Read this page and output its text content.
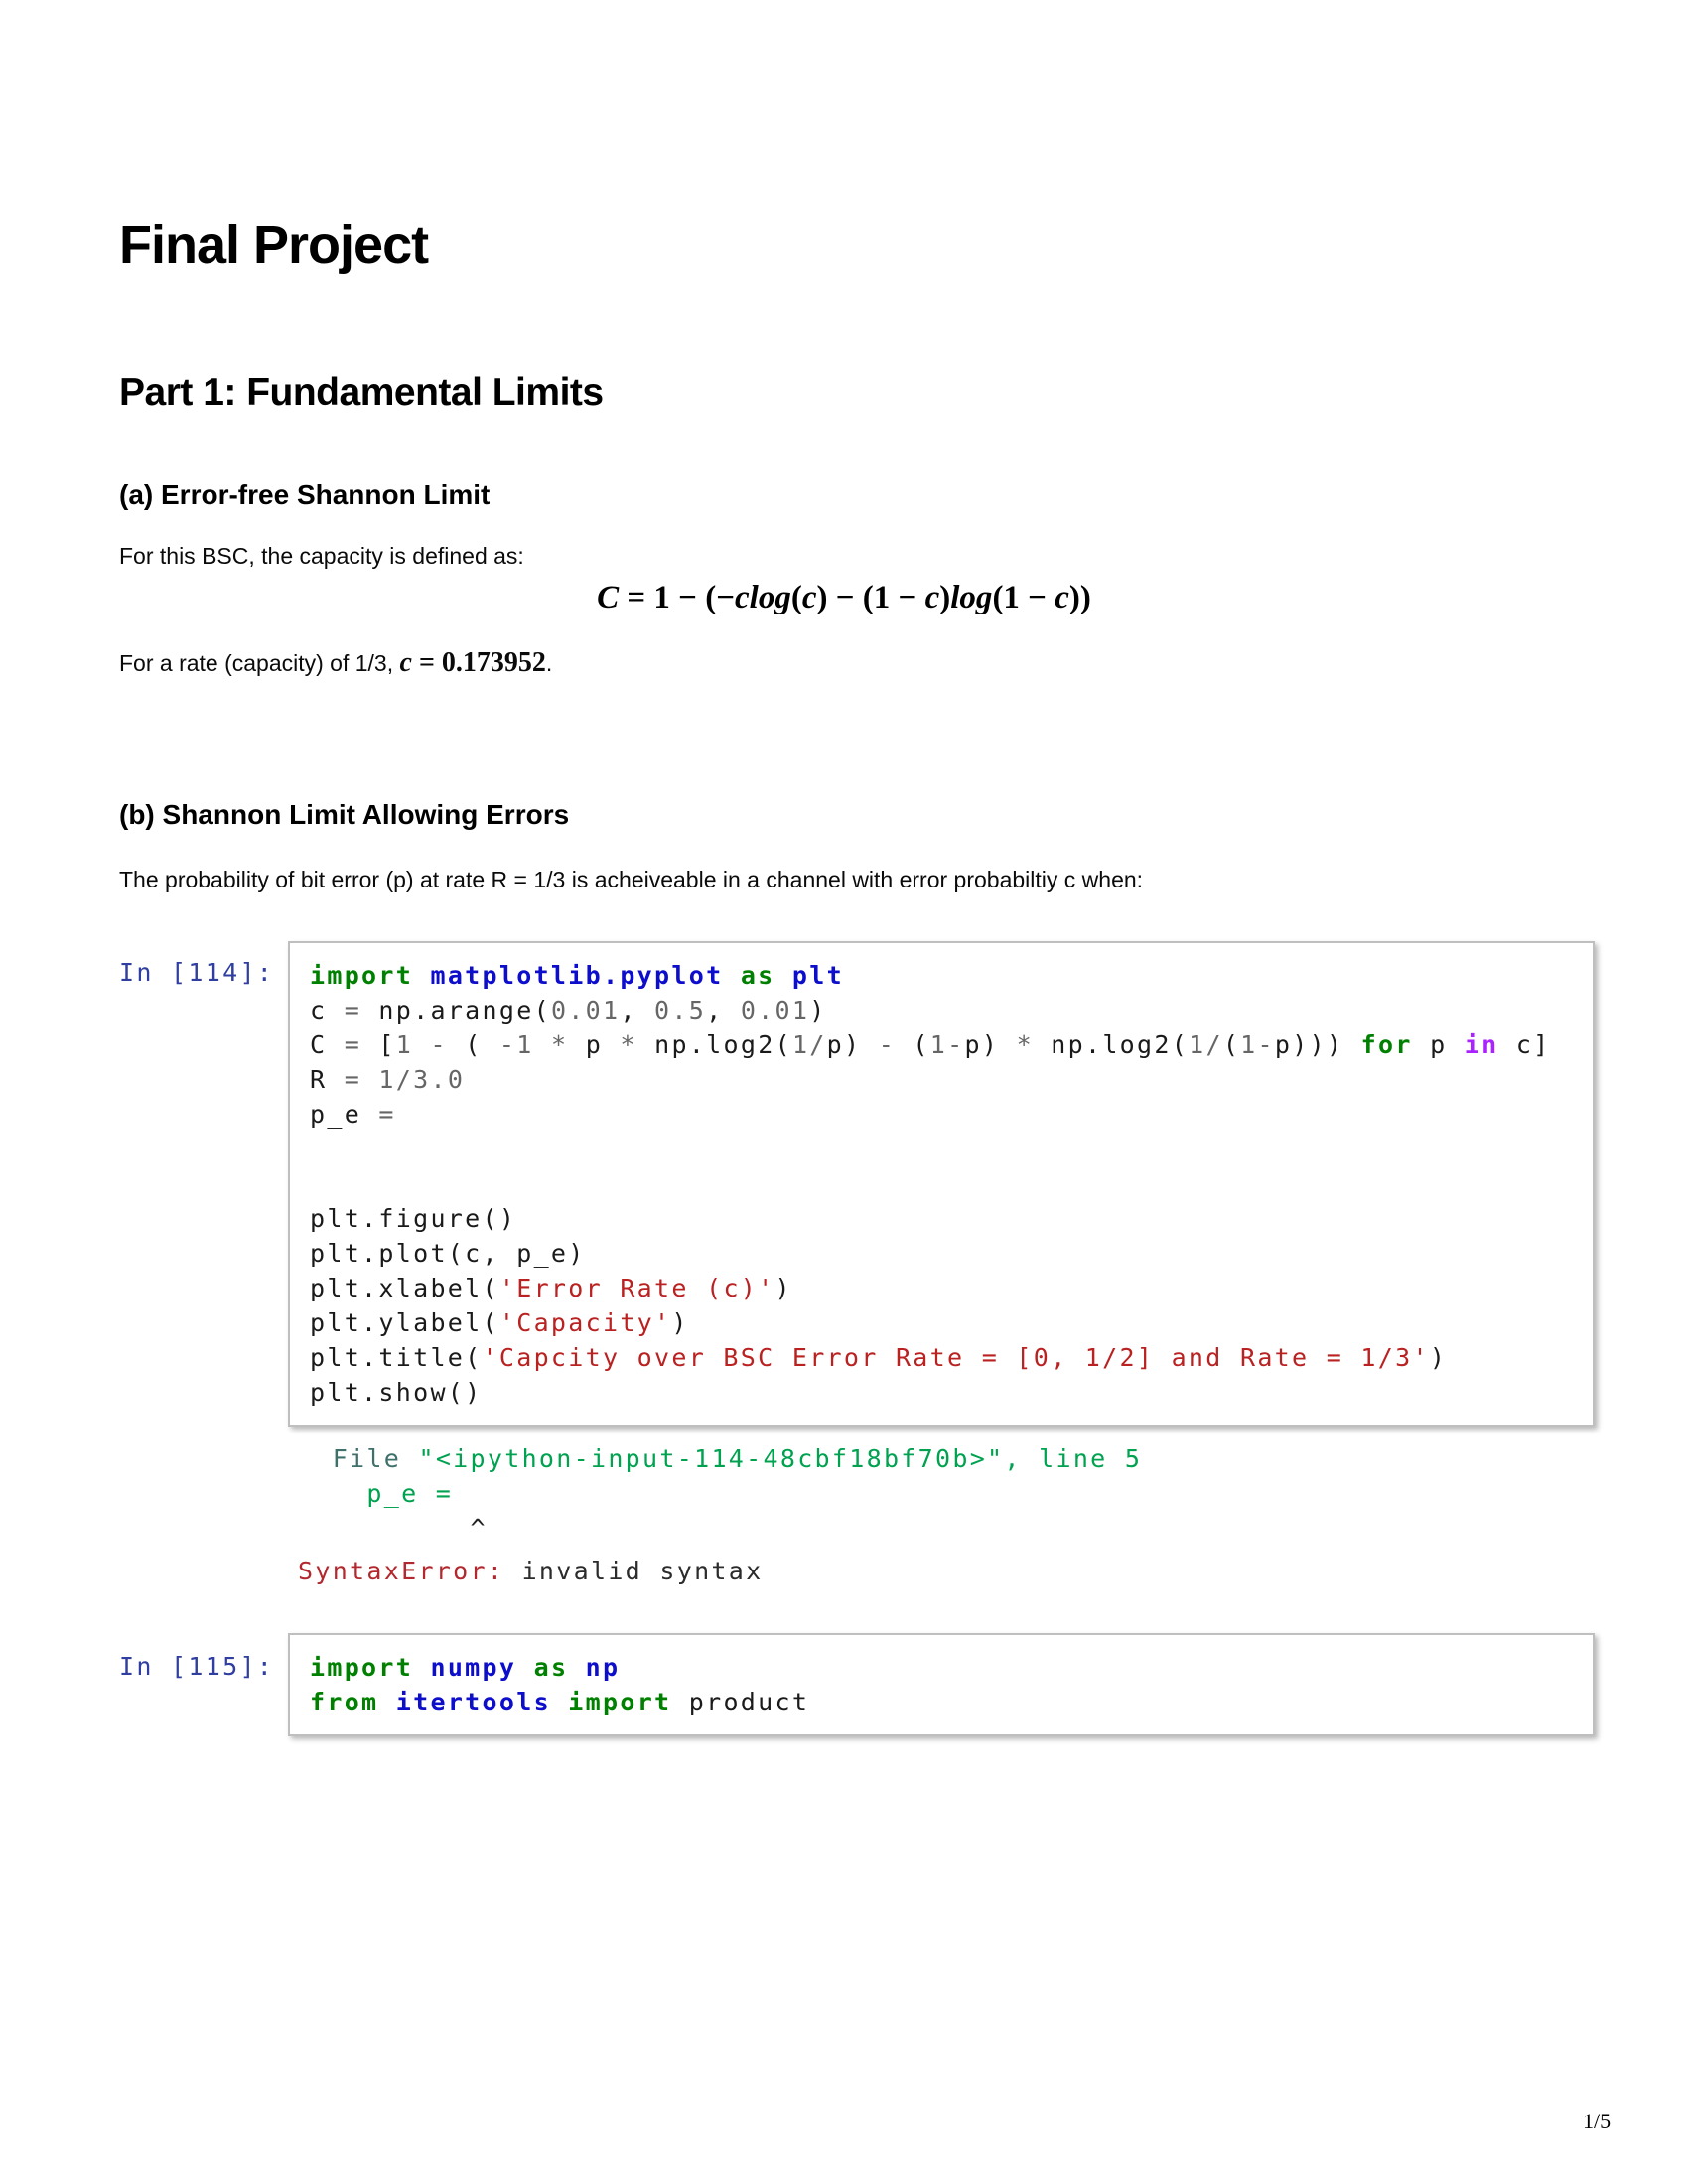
Final Project
Part 1: Fundamental Limits
(a) Error-free Shannon Limit
For this BSC, the capacity is defined as:
C = 1 − (−clog(c) − (1 − c)log(1 − c))
For a rate (capacity) of 1/3, c = 0.173952.
(b) Shannon Limit Allowing Errors
The probability of bit error (p) at rate R = 1/3 is acheiveable in a channel with error probabiltiy c when:
In [114]: import matplotlib.pyplot as plt
c = np.arange(0.01, 0.5, 0.01)
C = [1 - ( -1 * p * np.log2(1/p) - (1-p) * np.log2(1/(1-p))) for p in c]
R = 1/3.0
p_e =

plt.figure()
plt.plot(c, p_e)
plt.xlabel('Error Rate (c)')
plt.ylabel('Capacity')
plt.title('Capcity over BSC Error Rate = [0, 1/2] and Rate = 1/3')
plt.show()
File "<ipython-input-114-48cbf18bf70b>", line 5
p_e =
^
SyntaxError: invalid syntax
In [115]: import numpy as np
from itertools import product
1/5
